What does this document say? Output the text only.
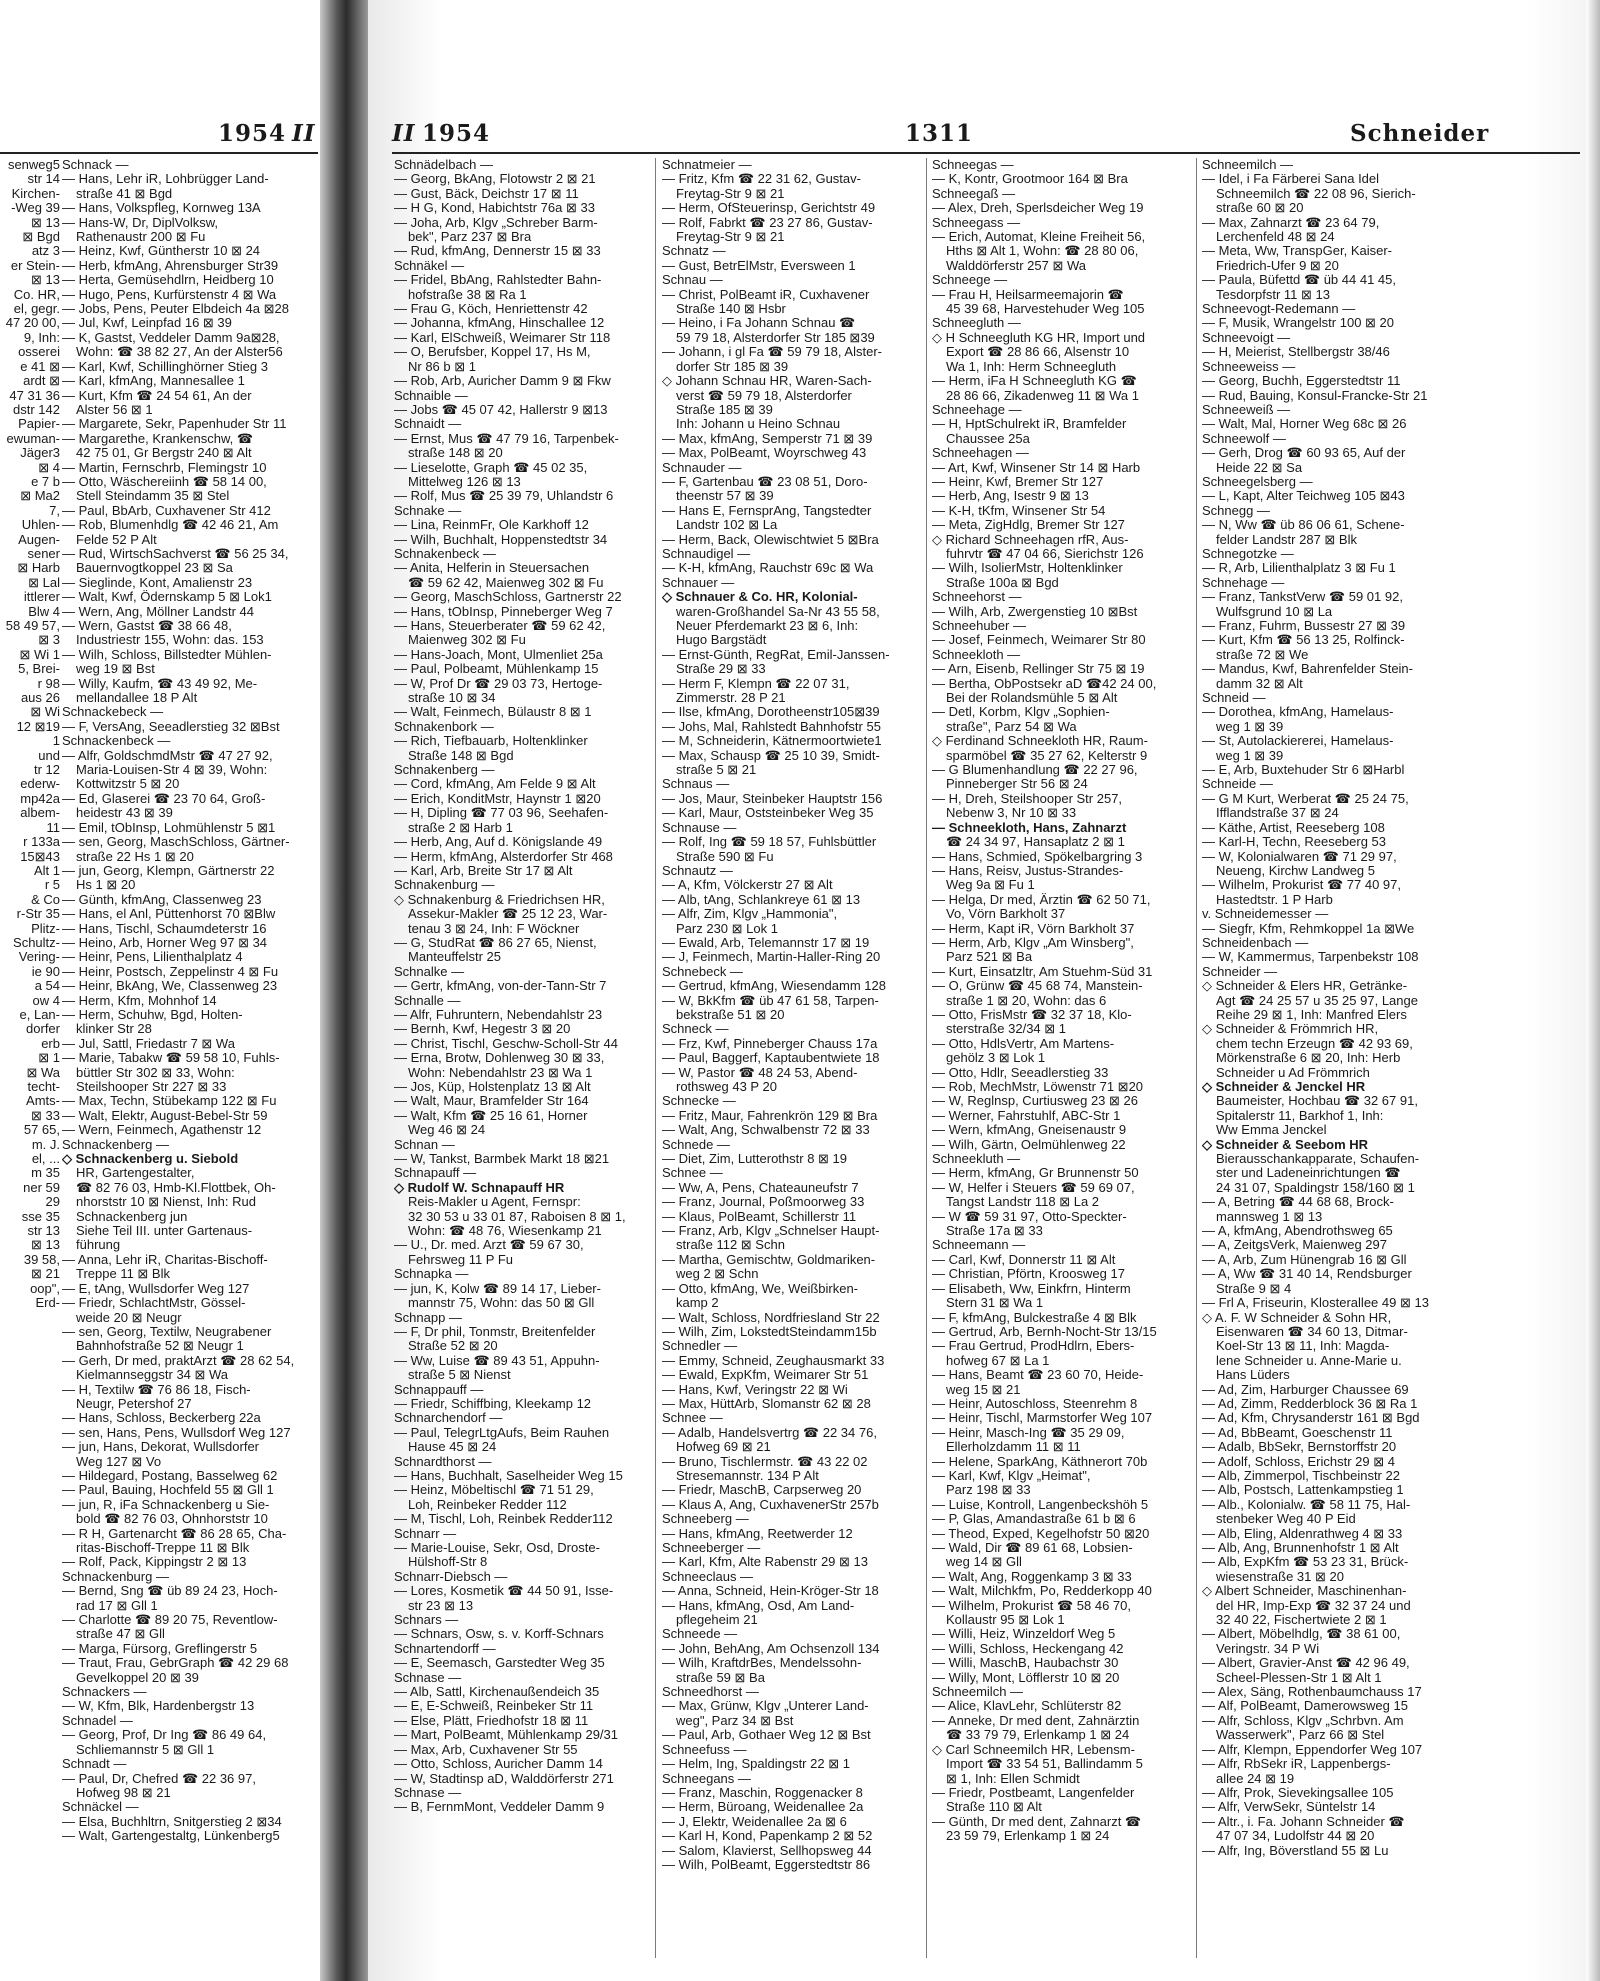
1954 II
senweg5
str 14
Kirchen-
-Weg 39
⊠ 13
⊠ Bgd
atz 3
er Stein-
⊠ 13
Co. HR,
el, gegr.
47 20 00,
9, Inh:
osserei
e 41 ⊠
ardt ⊠
47 31 36
dstr 142
Papier-
ewuman-
Jäger3
⊠ 4
e 7 b
⊠ Ma2
7,
Uhlen-
Augen-
sener
⊠ Harb
⊠ Lal
ittlerer
Blw 4
58 49 57,
⊠ 3
⊠ Wi 1
5, Brei-
r 98
aus 26
⊠ Wi
12 ⊠19
1
und
tr 12
ederw-
mp42a
albem-
11
r 133a
15⊠43
Alt 1
r 5
& Co
r-Str 35
Plitz-
Schultz-
Vering-
ie 90
a 54
ow 4
e, Lan-
dorfer
erb
⊠ 1
⊠ Wa
techt-
Amts-
⊠ 33
57 65,
m. J.
el, ...
m 35
ner 59
29
sse 35
str 13
⊠ 13
39 58,
⊠ 21
oop",
Erd-
II 1954	1311	Schneider
Schnack —
— Hans, Lehr iR, Lohbrügger Land-
straße 41 ⊠ Bgd
— Hans, Volkspfleg, Kornweg 13A
— Hans-W, Dr, DiplVolksw,
Rathenaustr 200 ⊠ Fu
— Heinz, Kwf, Güntherstr 10 ⊠ 24
— Herb, kfmAng, Ahrensburger Str39
— Herta, Gemüsehdlrn, Heidberg 10
— Hugo, Pens, Kurfürstenstr 4 ⊠ Wa
— Jobs, Pens, Peuter Elbdeich 4a ⊠28
— Jul, Kwf, Leinpfad 16 ⊠ 39
— K, Gastst, Veddeler Damm 9a⊠28,
Wohn: ☎ 38 82 27, An der Alster56
— Karl, Kwf, Schillinghörner Stieg 3
— Karl, kfmAng, Mannesallee 1
— Kurt, Kfm ☎ 24 54 61, An der
Alster 56 ⊠ 1
— Margarete, Sekr, Papenhuder Str 11
— Margarethe, Krankenschw, ☎
42 75 01, Gr Bergstr 240 ⊠ Alt
— Martin, Fernschrb, Flemingstr 10
— Otto, Wäschereiinh ☎ 58 14 00,
Stell Steindamm 35 ⊠ Stel
— Paul, BbArb, Cuxhavener Str 412
— Rob, Blumenhdlg ☎ 42 46 21, Am
Felde 52 P Alt
— Rud, WirtschSachverst ☎ 56 25 34,
Bauernvogtkoppel 23 ⊠ Sa
— Sieglinde, Kont, Amalienstr 23
— Walt, Kwf, Ödernskamp 5 ⊠ Lok1
— Wern, Ang, Möllner Landstr 44
— Wern, Gastst ☎ 38 66 48,
Industriestr 155, Wohn: das. 153
— Wilh, Schloss, Billstedter Mühlen-
weg 19 ⊠ Bst
— Willy, Kaufm, ☎ 43 49 92, Me-
mellandallee 18 P Alt
Schnackebeck —
— F, VersAng, Seeadlerstieg 32 ⊠Bst
Schnackenbeck —
— Alfr, GoldschmdMstr ☎ 47 27 92,
Maria-Louisen-Str 4 ⊠ 39, Wohn:
Kottwitzstr 5 ⊠ 20
— Ed, Glaserei ☎ 23 70 64, Groß-
heidestr 43 ⊠ 39
— Emil, tObInsp, Lohmühlenstr 5 ⊠1
— sen, Georg, MaschSchloss, Gärtner-
straße 22 Hs 1 ⊠ 20
— jun, Georg, Klempn, Gärtnerstr 22
Hs 1 ⊠ 20
— Günth, kfmAng, Classenweg 23
— Hans, el Anl, Püttenhorst 70 ⊠Blw
— Hans, Tischl, Schaumdeterstr 16
— Heino, Arb, Horner Weg 97 ⊠ 34
— Heinr, Pens, Lilienthalplatz 4
— Heinr, Postsch, Zeppelinstr 4 ⊠ Fu
— Heinr, BkAng, We, Classenweg 23
— Herm, Kfm, Mohnhof 14
— Herm, Schuhw, Bgd, Holten-
klinker Str 28
— Jul, Sattl, Friedastr 7 ⊠ Wa
— Marie, Tabakw ☎ 59 58 10, Fuhls-
büttler Str 302 ⊠ 33, Wohn:
Steilshooper Str 227 ⊠ 33
— Max, Techn, Stübekamp 122 ⊠ Fu
— Walt, Elektr, August-Bebel-Str 59
— Wern, Feinmech, Agathenstr 12
Schnackenberg —
◇ Schnackenberg u. Siebold
HR, Gartengestalter,
☎ 82 76 03, Hmb-Kl.Flottbek, Oh-
nhorststr 10 ⊠ Nienst, Inh: Rud
Schnackenberg jun
Siehe Teil III. unter Gartenaus-
führung
— Anna, Lehr iR, Charitas-Bischoff-
Treppe 11 ⊠ Blk
— E, tAng, Wullsdorfer Weg 127
— Friedr, SchlachtMstr, Gössel-
weide 20 ⊠ Neugr
— sen, Georg, Textilw, Neugrabener
Bahnhofstraße 52 ⊠ Neugr 1
— Gerh, Dr med, praktArzt ☎ 28 62 54,
Kielmannseggstr 34 ⊠ Wa
— H, Textilw ☎ 76 86 18, Fisch-
Neugr, Petershof 27
— Hans, Schloss, Beckerberg 22a
— sen, Hans, Pens, Wullsdorf Weg 127
— jun, Hans, Dekorat, Wullsdorfer
Weg 127 ⊠ Vo
— Hildegard, Postang, Basselweg 62
— Paul, Bauing, Hochfeld 55 ⊠ Gll 1
— jun, R, iFa Schnackenberg u Sie-
bold ☎ 82 76 03, Ohnhorststr 10
— R H, Gartenarcht ☎ 86 28 65, Cha-
ritas-Bischoff-Treppe 11 ⊠ Blk
— Rolf, Pack, Kippingstr 2 ⊠ 13
Schnackenburg —
— Bernd, Sng ☎ üb 89 24 23, Hoch-
rad 17 ⊠ Gll 1
— Charlotte ☎ 89 20 75, Reventlow-
straße 47 ⊠ Gll
— Marga, Fürsorg, Greflingerstr 5
— Traut, Frau, GebrGraph ☎ 42 29 68
Gevelkoppel 20 ⊠ 39
Schnackers —
— W, Kfm, Blk, Hardenbergstr 13
Schnadel —
— Georg, Prof, Dr Ing ☎ 86 49 64,
Schliemannstr 5 ⊠ Gll 1
Schnadt —
— Paul, Dr, Chefred ☎ 22 36 97,
Hofweg 98 ⊠ 21
Schnäckel —
— Elsa, Buchhltrn, Snitgerstieg 2 ⊠34
— Walt, Gartengestaltg, Lünkenberg5
Schnädelbach —
— Georg, BkAng, Flotowstr 2 ⊠ 21
— Gust, Bäck, Deichstr 17 ⊠ 11
— H G, Kond, Habichtstr 76a ⊠ 33
— Joha, Arb, Klgv „Schreber Barm-
bek", Parz 237 ⊠ Bra
— Rud, kfmAng, Dennerstr 15 ⊠ 33
Schnäkel —
— Fridel, BbAng, Rahlstedter Bahn-
hofstraße 38 ⊠ Ra 1
— Frau G, Köch, Henriettenstr 42
— Johanna, kfmAng, Hinschallee 12
— Karl, ElSchweiß, Weimarer Str 118
— O, Berufsber, Koppel 17, Hs M,
Nr 86 b ⊠ 1
— Rob, Arb, Auricher Damm 9 ⊠ Fkw
Schnaible —
— Jobs ☎ 45 07 42, Hallerstr 9 ⊠13
Schnaidt —
— Ernst, Mus ☎ 47 79 16, Tarpenbek-
straße 148 ⊠ 20
— Lieselotte, Graph ☎ 45 02 35,
Mittelweg 126 ⊠ 13
— Rolf, Mus ☎ 25 39 79, Uhlandstr 6
Schnake —
— Lina, ReinmFr, Ole Karkhoff 12
— Wilh, Buchhalt, Hoppenstedtstr 34
Schnakenbeck —
— Anita, Helferin in Steuersachen
☎ 59 62 42, Maienweg 302 ⊠ Fu
— Georg, MaschSchloss, Gartnerstr 22
— Hans, tObInsp, Pinneberger Weg 7
— Hans, Steuerberater ☎ 59 62 42,
Maienweg 302 ⊠ Fu
— Hans-Joach, Mont, Ulmenliet 25a
— Paul, Polbeamt, Mühlenkamp 15
— W, Prof Dr ☎ 29 03 73, Hertoge-
straße 10 ⊠ 34
— Walt, Feinmech, Bülaustr 8 ⊠ 1
Schnakenbork —
— Rich, Tiefbauarb, Holtenklinker
Straße 148 ⊠ Bgd
Schnakenberg —
— Cord, kfmAng, Am Felde 9 ⊠ Alt
— Erich, KonditMstr, Haynstr 1 ⊠20
— H, Dipling ☎ 77 03 96, Seehafen-
straße 2 ⊠ Harb 1
— Herb, Ang, Auf d. Königslande 49
— Herm, kfmAng, Alsterdorfer Str 468
— Karl, Arb, Breite Str 17 ⊠ Alt
Schnakenburg —
◇ Schnakenburg & Friedrichsen HR,
Assekur-Makler ☎ 25 12 23, War-
tenau 3 ⊠ 24, Inh: F Wöckner
— G, StudRat ☎ 86 27 65, Nienst,
Manteuffelstr 25
Schnalke —
— Gertr, kfmAng, von-der-Tann-Str 7
Schnalle —
— Alfr, Fuhruntern, Nebendahlstr 23
— Bernh, Kwf, Hegestr 3 ⊠ 20
— Christ, Tischl, Geschw-Scholl-Str 44
— Erna, Brotw, Dohlenweg 30 ⊠ 33,
Wohn: Nebendahlstr 23 ⊠ Wa 1
— Jos, Küp, Holstenplatz 13 ⊠ Alt
— Walt, Maur, Bramfelder Str 164
— Walt, Kfm ☎ 25 16 61, Horner
Weg 46 ⊠ 24
Schnan —
— W, Tankst, Barmbek Markt 18 ⊠21
Schnapauff —
◇ Rudolf W. Schnapauff HR
Reis-Makler u Agent, Fernspr:
32 30 53 u 33 01 87, Raboisen 8 ⊠ 1,
Wohn: ☎ 48 76, Wiesenkamp 21
— U., Dr. med. Arzt ☎ 59 67 30,
Fehrsweg 11 P Fu
Schnapka —
— jun, K, Kolw ☎ 89 14 17, Lieber-
mannstr 75, Wohn: das 50 ⊠ Gll
Schnapp —
— F, Dr phil, Tonmstr, Breitenfelder
Straße 52 ⊠ 20
— Ww, Luise ☎ 89 43 51, Appuhn-
straße 5 ⊠ Nienst
Schnappauff —
— Friedr, Schiffbing, Kleekamp 12
Schnarchendorf —
— Paul, TelegrLtgAufs, Beim Rauhen
Hause 45 ⊠ 24
Schnardthorst —
— Hans, Buchhalt, Saselheider Weg 15
— Heinz, Möbeltischl ☎ 71 51 29,
Loh, Reinbeker Redder 112
— M, Tischl, Loh, Reinbek Redder112
Schnarr —
— Marie-Louise, Sekr, Osd, Droste-
Hülshoff-Str 8
Schnarr-Diebsch —
— Lores, Kosmetik ☎ 44 50 91, Isse-
str 23 ⊠ 13
Schnars —
— Schnars, Osw, s. v. Korff-Schnars
Schnartendorff —
— E, Seemasch, Garstedter Weg 35
Schnase —
— Alb, Sattl, Kirchenaußendeich 35
— E, E-Schweiß, Reinbeker Str 11
— Else, Plätt, Friedhofstr 18 ⊠ 11
— Mart, PolBeamt, Mühlenkamp 29/31
— Max, Arb, Cuxhavener Str 55
— Otto, Schloss, Auricher Damm 14
— W, Stadtinsp aD, Walddörferstr 271
Schnase —
— B, FernmMont, Veddeler Damm 9
Schnatmeier —
— Fritz, Kfm ☎ 22 31 62, Gustav-
Freytag-Str 9 ⊠ 21
— Herm, OfSteuerinsp, Gerichtstr 49
— Rolf, Fabrkt ☎ 23 27 86, Gustav-
Freytag-Str 9 ⊠ 21
Schnatz —
— Gust, BetrElMstr, Eversween 1
Schnau —
— Christ, PolBeamt iR, Cuxhavener
Straße 140 ⊠ Hsbr
— Heino, i Fa Johann Schnau ☎
59 79 18, Alsterdorfer Str 185 ⊠39
— Johann, i gl Fa ☎ 59 79 18, Alster-
dorfer Str 185 ⊠ 39
◇ Johann Schnau HR, Waren-Sach-
verst ☎ 59 79 18, Alsterdorfer
Straße 185 ⊠ 39
Inh: Johann u Heino Schnau
— Max, kfmAng, Semperstr 71 ⊠ 39
— Max, PolBeamt, Woyrschweg 43
Schnauder —
— F, Gartenbau ☎ 23 08 51, Doro-
theenstr 57 ⊠ 39
— Hans E, FernsprAng, Tangstedter
Landstr 102 ⊠ La
— Herm, Back, Olewischtwiet 5 ⊠Bra
Schnaudigel —
— K-H, kfmAng, Rauchstr 69c ⊠ Wa
Schnauer —
◇ Schnauer & Co. HR, Kolonial-
waren-Großhandel Sa-Nr 43 55 58,
Neuer Pferdemarkt 23 ⊠ 6, Inh:
Hugo Bargstädt
— Ernst-Günth, RegRat, Emil-Janssen-
Straße 29 ⊠ 33
— Herm F, Klempn ☎ 22 07 31,
Zimmerstr. 28 P 21
— Ilse, kfmAng, Dorotheenstr105⊠39
— Johs, Mal, Rahlstedt Bahnhofstr 55
— M, Schneiderin, Kätnermoortwiete1
— Max, Schausp ☎ 25 10 39, Smidt-
straße 5 ⊠ 21
Schnaus —
— Jos, Maur, Steinbeker Hauptstr 156
— Karl, Maur, Oststeinbeker Weg 35
Schnause —
— Rolf, Ing ☎ 59 18 57, Fuhlsbüttler
Straße 590 ⊠ Fu
Schnautz —
— A, Kfm, Völckerstr 27 ⊠ Alt
— Alb, tAng, Schlankreye 61 ⊠ 13
— Alfr, Zim, Klgv „Hammonia",
Parz 230 ⊠ Lok 1
— Ewald, Arb, Telemannstr 17 ⊠ 19
— J, Feinmech, Martin-Haller-Ring 20
Schnebeck —
— Gertrud, kfmAng, Wiesendamm 128
— W, BkKfm ☎ üb 47 61 58, Tarpen-
bekstraße 51 ⊠ 20
Schneck —
— Frz, Kwf, Pinneberger Chauss 17a
— Paul, Baggerf, Kaptaubentwiete 18
— W, Pastor ☎ 48 24 53, Abend-
rothsweg 43 P 20
Schnecke —
— Fritz, Maur, Fahrenkrön 129 ⊠ Bra
— Walt, Ang, Schwalbenstr 72 ⊠ 33
Schnede —
— Diet, Zim, Lutterothstr 8 ⊠ 19
Schnee —
— Ww, A, Pens, Chateauneufstr 7
— Franz, Journal, Poßmoorweg 33
— Klaus, PolBeamt, Schillerstr 11
— Franz, Arb, Klgv „Schnelser Haupt-
straße 112 ⊠ Schn
— Martha, Gemischtw, Goldmariken-
weg 2 ⊠ Schn
— Otto, kfmAng, We, Weißbirken-
kamp 2
— Walt, Schloss, Nordfriesland Str 22
— Wilh, Zim, LokstedtSteindamm15b
Schnedler —
— Emmy, Schneid, Zeughausmarkt 33
— Ewald, ExpKfm, Weimarer Str 51
— Hans, Kwf, Veringstr 22 ⊠ Wi
— Max, HüttArb, Slomanstr 62 ⊠ 28
Schnee —
— Adalb, Handelsvertrg ☎ 22 34 76,
Hofweg 69 ⊠ 21
— Bruno, Tischlermstr. ☎ 43 22 02
Stresemannstr. 134 P Alt
— Friedr, MaschB, Carpserweg 20
— Klaus A, Ang, CuxhavenerStr 257b
Schneeberg —
— Hans, kfmAng, Reetwerder 12
Schneeberger —
— Karl, Kfm, Alte Rabenstr 29 ⊠ 13
Schneeclaus —
— Anna, Schneid, Hein-Kröger-Str 18
— Hans, kfmAng, Osd, Am Land-
pflegeheim 21
Schneede —
— John, BehAng, Am Ochsenzoll 134
— Wilh, KraftdrBes, Mendelssohn-
straße 59 ⊠ Ba
Schneedhorst —
— Max, Grünw, Klgv „Unterer Land-
weg", Parz 34 ⊠ Bst
— Paul, Arb, Gothaer Weg 12 ⊠ Bst
Schneefuss —
— Helm, Ing, Spaldingstr 22 ⊠ 1
Schneegans —
— Franz, Maschin, Roggenacker 8
— Herm, Büroang, Weidenallee 2a
— J, Elektr, Weidenallee 2a ⊠ 6
— Karl H, Kond, Papenkamp 2 ⊠ 52
— Salom, Klavierst, Sellhopsweg 44
— Wilh, PolBeamt, Eggerstedtstr 86
Schneegas —
— K, Kontr, Grootmoor 164 ⊠ Bra
Schneegaß —
— Alex, Dreh, Sperlsdeicher Weg 19
Schneegass —
— Erich, Automat, Kleine Freiheit 56,
Hths ⊠ Alt 1, Wohn: ☎ 28 80 06,
Walddörferstr 257 ⊠ Wa
Schneege —
— Frau H, Heilsarmeemajorin ☎
45 39 68, Harvestehuder Weg 105
Schneegluth —
◇ H Schneegluth KG HR, Import und
Export ☎ 28 86 66, Alsenstr 10
Wa 1, Inh: Herm Schneegluth
— Herm, iFa H Schneegluth KG ☎
28 86 66, Zikadenweg 11 ⊠ Wa 1
Schneehage —
— H, HptSchulrekt iR, Bramfelder
Chaussee 25a
Schneehagen —
— Art, Kwf, Winsener Str 14 ⊠ Harb
— Heinr, Kwf, Bremer Str 127
— Herb, Ang, Isestr 9 ⊠ 13
— K-H, tKfm, Winsener Str 54
— Meta, ZigHdlg, Bremer Str 127
◇ Richard Schneehagen rfR, Aus-
fuhrvtr ☎ 47 04 66, Sierichstr 126
— Wilh, IsolierMstr, Holtenklinker
Straße 100a ⊠ Bgd
Schneehorst —
— Wilh, Arb, Zwergenstieg 10 ⊠Bst
Schneehuber —
— Josef, Feinmech, Weimarer Str 80
Schneekloth —
— Arn, Eisenb, Rellinger Str 75 ⊠ 19
— Bertha, ObPostsekr aD ☎42 24 00,
Bei der Rolandsmühle 5 ⊠ Alt
— Detl, Korbm, Klgv „Sophien-
straße", Parz 54 ⊠ Wa
◇ Ferdinand Schneekloth HR, Raum-
sparmöbel ☎ 35 27 62, Kelterstr 9
— G Blumenhandlung ☎ 22 27 96,
Pinneberger Str 56 ⊠ 24
— H, Dreh, Steilshooper Str 257,
Nebenw 3, Nr 10 ⊠ 33
— Schneekloth, Hans, Zahnarzt
☎ 24 34 97, Hansaplatz 2 ⊠ 1
— Hans, Schmied, Spökelbargring 3
— Hans, Reisv, Justus-Strandes-
Weg 9a ⊠ Fu 1
— Helga, Dr med, Ärztin ☎ 62 50 71,
Vo, Vörn Barkholt 37
— Herm, Kapt iR, Vörn Barkholt 37
— Herm, Arb, Klgv „Am Winsberg",
Parz 521 ⊠ Ba
— Kurt, Einsatzltr, Am Stuehm-Süd 31
— O, Grünw ☎ 45 68 74, Manstein-
straße 1 ⊠ 20, Wohn: das 6
— Otto, FrisMstr ☎ 32 37 18, Klo-
sterstraße 32/34 ⊠ 1
— Otto, HdlsVertr, Am Martens-
gehölz 3 ⊠ Lok 1
— Otto, Hdlr, Seeadlerstieg 33
— Rob, MechMstr, Löwenstr 71 ⊠20
— W, Reglnsp, Curtiusweg 23 ⊠ 26
— Werner, Fahrstuhlf, ABC-Str 1
— Wern, kfmAng, Gneisenaustr 9
— Wilh, Gärtn, Oelmühlenweg 22
Schneekluth —
— Herm, kfmAng, Gr Brunnenstr 50
— W, Helfer i Steuers ☎ 59 69 07,
Tangst Landstr 118 ⊠ La 2
— W ☎ 59 31 97, Otto-Speckter-
Straße 17a ⊠ 33
Schneemann —
— Carl, Kwf, Donnerstr 11 ⊠ Alt
— Christian, Pförtn, Kroosweg 17
— Elisabeth, Ww, Einkfrn, Hinterm
Stern 31 ⊠ Wa 1
— F, kfmAng, Bulckestraße 4 ⊠ Blk
— Gertrud, Arb, Bernh-Nocht-Str 13/15
— Frau Gertrud, ProdHdlrn, Ebers-
hofweg 67 ⊠ La 1
— Hans, Beamt ☎ 23 60 70, Heide-
weg 15 ⊠ 21
— Heinr, Autoschloss, Steenrehm 8
— Heinr, Tischl, Marmstorfer Weg 107
— Heinr, Masch-Ing ☎ 35 29 09,
Ellerholzdamm 11 ⊠ 11
— Helene, SparkAng, Käthnerort 70b
— Karl, Kwf, Klgv „Heimat",
Parz 198 ⊠ 33
— Luise, Kontroll, Langenbeckshöh 5
— P, Glas, Amandastraße 61 b ⊠ 6
— Theod, Exped, Kegelhofstr 50 ⊠20
— Wald, Dir ☎ 89 61 68, Lobsien-
weg 14 ⊠ Gll
— Walt, Ang, Roggenkamp 3 ⊠ 33
— Walt, Milchkfm, Po, Redderkopp 40
— Wilhelm, Prokurist ☎ 58 46 70,
Kollaustr 95 ⊠ Lok 1
— Willi, Heiz, Winzeldorf Weg 5
— Willi, Schloss, Heckengang 42
— Willi, MaschB, Haubachstr 30
— Willy, Mont, Löfflerstr 10 ⊠ 20
Schneemilch —
— Alice, KlavLehr, Schlüterstr 82
— Anneke, Dr med dent, Zahnärztin
☎ 33 79 79, Erlenkamp 1 ⊠ 24
◇ Carl Schneemilch HR, Lebensm-
Import ☎ 33 54 51, Ballindamm 5
⊠ 1, Inh: Ellen Schmidt
— Friedr, Postbeamt, Langenfelder
Straße 110 ⊠ Alt
— Günth, Dr med dent, Zahnarzt ☎
23 59 79, Erlenkamp 1 ⊠ 24
Schneemilch —
— Idel, i Fa Färberei Sana Idel
Schneemilch ☎ 22 08 96, Sierich-
straße 60 ⊠ 20
— Max, Zahnarzt ☎ 23 64 79,
Lerchenfeld 48 ⊠ 24
— Meta, Ww, TranspGer, Kaiser-
Friedrich-Ufer 9 ⊠ 20
— Paula, Büfettd ☎ üb 44 41 45,
Tesdorpfstr 11 ⊠ 13
Schneevogt-Redemann —
— F, Musik, Wrangelstr 100 ⊠ 20
Schneevoigt —
— H, Meierist, Stellbergstr 38/46
Schneeweiss —
— Georg, Buchh, Eggerstedtstr 11
— Rud, Bauing, Konsul-Francke-Str 21
Schneeweiß —
— Walt, Mal, Horner Weg 68c ⊠ 26
Schneewolf —
— Gerh, Drog ☎ 60 93 65, Auf der
Heide 22 ⊠ Sa
Schneegelsberg —
— L, Kapt, Alter Teichweg 105 ⊠43
Schnegg —
— N, Ww ☎ üb 86 06 61, Schene-
felder Landstr 287 ⊠ Blk
Schnegotzke —
— R, Arb, Lilienthalplatz 3 ⊠ Fu 1
Schnehage —
— Franz, TankstVerw ☎ 59 01 92,
Wulfsgrund 10 ⊠ La
— Franz, Fuhrm, Bussestr 27 ⊠ 39
— Kurt, Kfm ☎ 56 13 25, Rolfinck-
straße 72 ⊠ We
— Mandus, Kwf, Bahrenfelder Stein-
damm 32 ⊠ Alt
Schneid —
— Dorothea, kfmAng, Hamelaus-
weg 1 ⊠ 39
— St, Autolackiererei, Hamelaus-
weg 1 ⊠ 39
— E, Arb, Buxtehuder Str 6 ⊠Harbl
Schneide —
— G M Kurt, Werberat ☎ 25 24 75,
Ifflandstraße 37 ⊠ 24
— Käthe, Artist, Reeseberg 108
— Karl-H, Techn, Reeseberg 53
— W, Kolonialwaren ☎ 71 29 97,
Neueng, Kirchw Landweg 5
— Wilhelm, Prokurist ☎ 77 40 97,
Hastedtstr. 1 P Harb
v. Schneidemesser —
— Siegfr, Kfm, Rehmkoppel 1a ⊠We
Schneidenbach —
— W, Kammermus, Tarpenbekstr 108
Schneider —
◇ Schneider & Elers HR, Getränke-
Agt ☎ 24 25 57 u 35 25 97, Lange
Reihe 29 ⊠ 1, Inh: Manfred Elers
◇ Schneider & Frömmrich HR,
chem techn Erzeugn ☎ 42 93 69,
Mörkenstraße 6 ⊠ 20, Inh: Herb
Schneider u Ad Frömmrich
◇ Schneider & Jenckel HR
Baumeister, Hochbau ☎ 32 67 91,
Spitalerstr 11, Barkhof 1, Inh:
Ww Emma Jenckel
◇ Schneider & Seebom HR
Bierausschankapparate, Schaufen-
ster und Ladeneinrichtungen ☎
24 31 07, Spaldingstr 158/160 ⊠ 1
— A, Betring ☎ 44 68 68, Brock-
mannsweg 1 ⊠ 13
— A, kfmAng, Abendrothsweg 65
— A, ZeitgsVerk, Maienweg 297
— A, Arb, Zum Hünengrab 16 ⊠ Gll
— A, Ww ☎ 31 40 14, Rendsburger
Straße 9 ⊠ 4
— Frl A, Friseurin, Klosterallee 49 ⊠ 13
◇ A. F. W Schneider & Sohn HR,
Eisenwaren ☎ 34 60 13, Ditmar-
Koel-Str 13 ⊠ 11, Inh: Magda-
lene Schneider u. Anne-Marie u.
Hans Lüders
— Ad, Zim, Harburger Chaussee 69
— Ad, Zimm, Redderblock 36 ⊠ Ra 1
— Ad, Kfm, Chrysanderstr 161 ⊠ Bgd
— Ad, BbBeamt, Goeschenstr 11
— Adalb, BbSekr, Bernstorffstr 20
— Adolf, Schloss, Erichstr 29 ⊠ 4
— Alb, Zimmerpol, Tischbeinstr 22
— Alb, Postsch, Lattenkampstieg 1
— Alb., Kolonialw. ☎ 58 11 75, Hal-
stenbeker Weg 40 P Eid
— Alb, Eling, Aldenrathweg 4 ⊠ 33
— Alb, Ang, Brunnenhofstr 1 ⊠ Alt
— Alb, ExpKfm ☎ 53 23 31, Brück-
wiesenstraße 31 ⊠ 20
◇ Albert Schneider, Maschinenhan-
del HR, Imp-Exp ☎ 32 37 24 und
32 40 22, Fischertwiete 2 ⊠ 1
— Albert, Möbelhdlg, ☎ 38 61 00,
Veringstr. 34 P Wi
— Albert, Gravier-Anst ☎ 42 96 49,
Scheel-Plessen-Str 1 ⊠ Alt 1
— Alex, Säng, Rothenbaumchauss 17
— Alf, PolBeamt, Damerowsweg 15
— Alfr, Schloss, Klgv „Schrbvn. Am
Wasserwerk", Parz 66 ⊠ Stel
— Alfr, Klempn, Eppendorfer Weg 107
— Alfr, RbSekr iR, Lappenbergs-
allee 24 ⊠ 19
— Alfr, Prok, Sievekingsallee 105
— Alfr, VerwSekr, Süntelstr 14
— Altr., i. Fa. Johann Schneider ☎
47 07 34, Ludolfstr 44 ⊠ 20
— Alfr, Ing, Böverstland 55 ⊠ Lu
